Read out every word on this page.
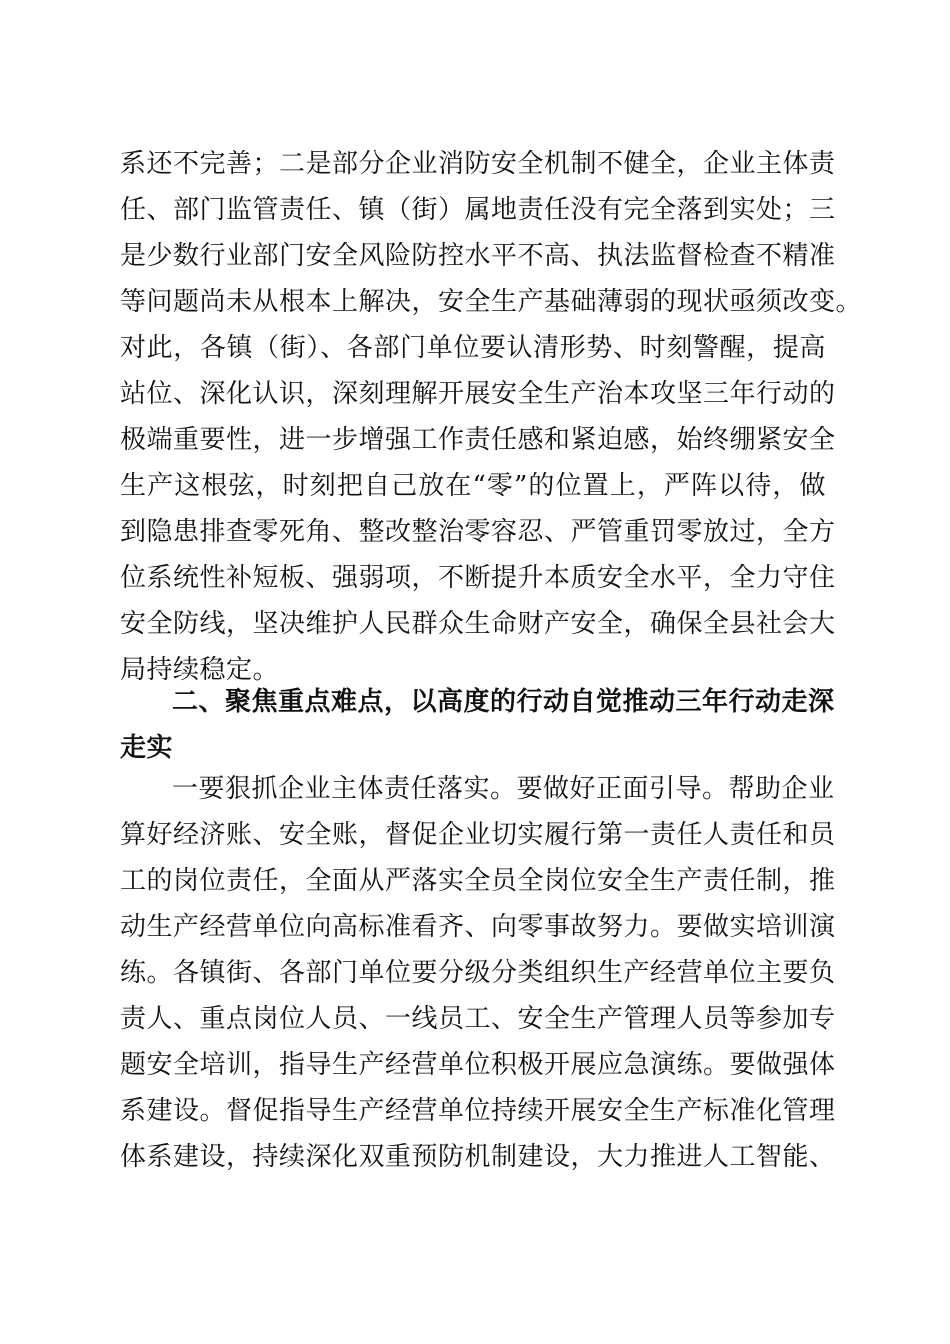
系还不完善；二是部分企业消防安全机制不健全，企业主体责
任、部门监管责任、镇（街）属地责任没有完全落到实处；三
是少数行业部门安全风险防控水平不高、执法监督检查不精准
等问题尚未从根本上解决，安全生产基础薄弱的现状亟须改变。
对此，各镇（街）、各部门单位要认清形势、时刻警醒，提高
站位、深化认识，深刻理解开展安全生产治本攻坚三年行动的
极端重要性，进一步增强工作责任感和紧迫感，始终绷紧安全
生产这根弦，时刻把自己放在“零”的位置上，严阵以待，做
到隐患排查零死角、整改整治零容忍、严管重罚零放过，全方
位系统性补短板、强弱项，不断提升本质安全水平，全力守住
安全防线，坚决维护人民群众生命财产安全，确保全县社会大
局持续稳定。
二、聚焦重点难点，以高度的行动自觉推动三年行动走深
走实
一要狠抓企业主体责任落实。要做好正面引导。帮助企业
算好经济账、安全账，督促企业切实履行第一责任人责任和员
工的岗位责任，全面从严落实全员全岗位安全生产责任制，推
动生产经营单位向高标准看齐、向零事故努力。要做实培训演
练。各镇街、各部门单位要分级分类组织生产经营单位主要负
责人、重点岗位人员、一线员工、安全生产管理人员等参加专
题安全培训，指导生产经营单位积极开展应急演练。要做强体
系建设。督促指导生产经营单位持续开展安全生产标准化管理
体系建设，持续深化双重预防机制建设，大力推进人工智能、
